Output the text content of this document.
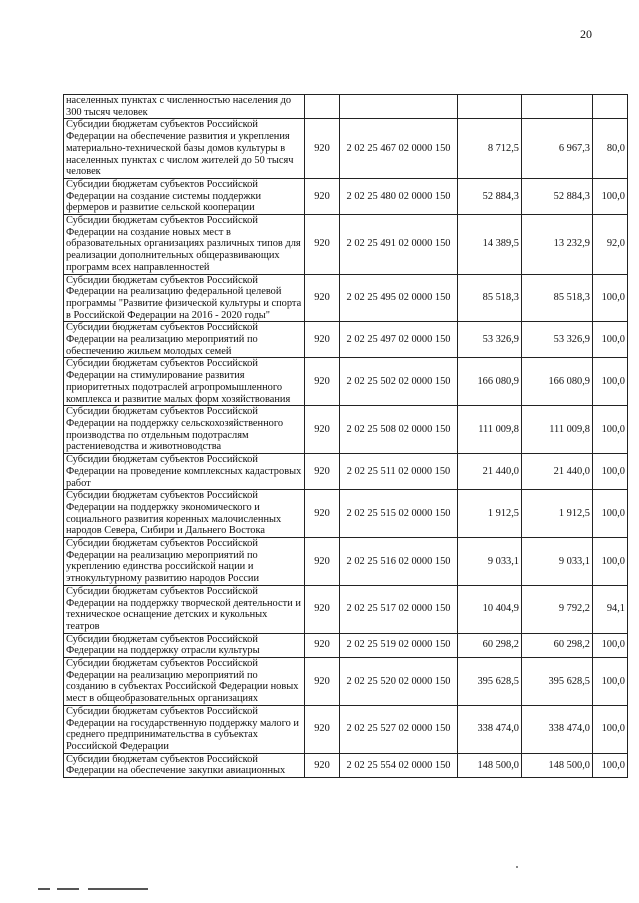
20
населенных пунктах с численностью населения до 300 тысяч человек					
Субсидии бюджетам субъектов Российской Федерации на обеспечение развития и укрепления материально-технической базы домов культуры в населенных пунктах с числом жителей до 50 тысяч человек	920	2 02 25 467 02 0000 150	8 712,5	6 967,3	80,0
Субсидии бюджетам субъектов Российской Федерации на создание системы поддержки фермеров и развитие сельской кооперации	920	2 02 25 480 02 0000 150	52 884,3	52 884,3	100,0
Субсидии бюджетам субъектов Российской Федерации на создание новых мест в образовательных организациях различных типов для реализации дополнительных общеразвивающих программ всех направленностей	920	2 02 25 491 02 0000 150	14 389,5	13 232,9	92,0
Субсидии бюджетам субъектов Российской Федерации на реализацию федеральной целевой программы "Развитие физической культуры и спорта в Российской Федерации на 2016 - 2020 годы"	920	2 02 25 495 02 0000 150	85 518,3	85 518,3	100,0
Субсидии бюджетам субъектов Российской Федерации на реализацию мероприятий по обеспечению жильем молодых семей	920	2 02 25 497 02 0000 150	53 326,9	53 326,9	100,0
Субсидии бюджетам субъектов Российской Федерации на стимулирование развития приоритетных подотраслей агропромышленного комплекса и развитие малых форм хозяйствования	920	2 02 25 502 02 0000 150	166 080,9	166 080,9	100,0
Субсидии бюджетам субъектов Российской Федерации на поддержку сельскохозяйственного производства по отдельным подотраслям растениеводства и животноводства	920	2 02 25 508 02 0000 150	111 009,8	111 009,8	100,0
Субсидии бюджетам субъектов Российской Федерации на проведение комплексных кадастровых работ	920	2 02 25 511 02 0000 150	21 440,0	21 440,0	100,0
Субсидии бюджетам субъектов Российской Федерации на поддержку экономического и социального развития коренных малочисленных народов Севера, Сибири и Дальнего Востока	920	2 02 25 515 02 0000 150	1 912,5	1 912,5	100,0
Субсидии бюджетам субъектов Российской Федерации на реализацию мероприятий по укреплению единства российской нации и этнокультурному развитию народов России	920	2 02 25 516 02 0000 150	9 033,1	9 033,1	100,0
Субсидии бюджетам субъектов Российской Федерации на поддержку творческой деятельности и техническое оснащение детских и кукольных театров	920	2 02 25 517 02 0000 150	10 404,9	9 792,2	94,1
Субсидии бюджетам субъектов Российской Федерации на поддержку отрасли культуры	920	2 02 25 519 02 0000 150	60 298,2	60 298,2	100,0
Субсидии бюджетам субъектов Российской Федерации на реализацию мероприятий по созданию в субъектах Российской Федерации новых мест в общеобразовательных организациях	920	2 02 25 520 02 0000 150	395 628,5	395 628,5	100,0
Субсидии бюджетам субъектов Российской Федерации на государственную поддержку малого и среднего предпринимательства в субъектах Российской Федерации	920	2 02 25 527 02 0000 150	338 474,0	338 474,0	100,0
Субсидии бюджетам субъектов Российской Федерации на обеспечение закупки авиационных	920	2 02 25 554 02 0000 150	148 500,0	148 500,0	100,0
